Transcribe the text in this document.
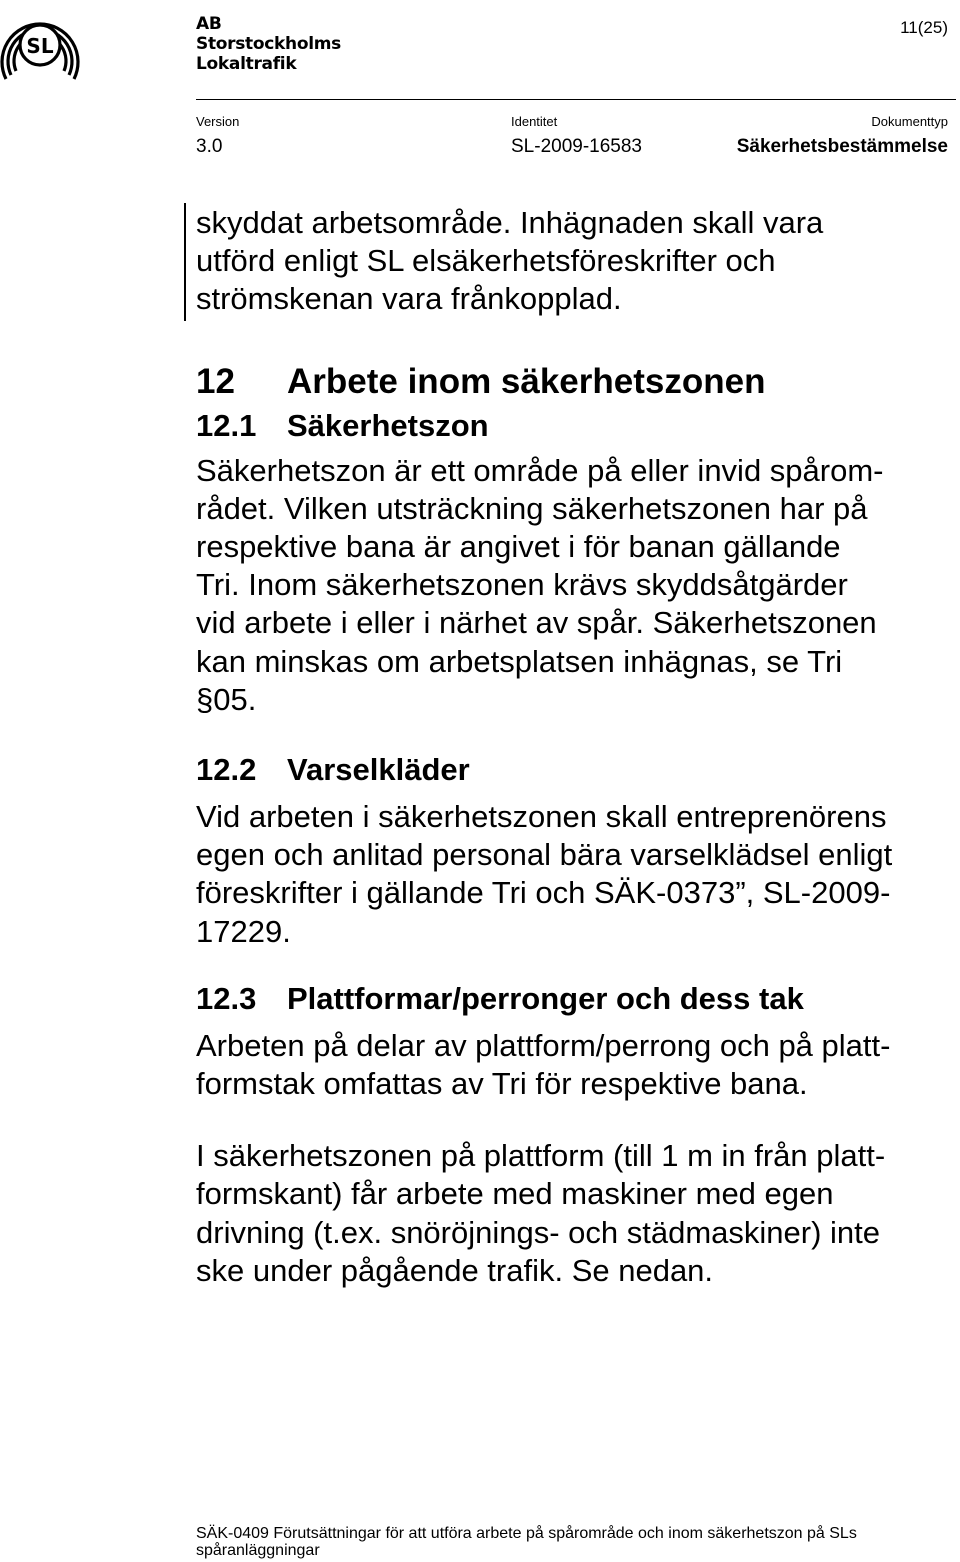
SL
AB
Storstockholms
Lokaltrafik
11(25)
Version
3.0
Identitet
SL-2009-16583
Dokumenttyp
Säkerhetsbestämmelse

skyddat arbetsområde. Inhägnaden skall vara
utförd enligt SL elsäkerhetsföreskrifter och
strömskenan vara frånkopplad.

12 Arbete inom säkerhetszonen
12.1 Säkerhetszon

Säkerhetszon är ett område på eller invid spårom-
rådet. Vilken utsträckning säkerhetszonen har på
respektive bana är angivet i för banan gällande
Tri. Inom säkerhetszonen krävs skyddsåtgärder
vid arbete i eller i närhet av spår. Säkerhetszonen
kan minskas om arbetsplatsen inhägnas, se Tri
§05.

12.2 Varselkläder

Vid arbeten i säkerhetszonen skall entreprenörens
egen och anlitad personal bära varselklädsel enligt
föreskrifter i gällande Tri och SÄK-0373”, SL-2009-
17229.

12.3 Plattformar/perronger och dess tak

Arbeten på delar av plattform/perrong och på platt-
formstak omfattas av Tri för respektive bana.

I säkerhetszonen på plattform (till 1 m in från platt-
formskant) får arbete med maskiner med egen
drivning (t.ex. snöröjnings- och städmaskiner) inte
ske under pågående trafik. Se nedan.

SÄK-0409 Förutsättningar för att utföra arbete på spårområde och inom säkerhetszon på SLs
spåranläggningar
